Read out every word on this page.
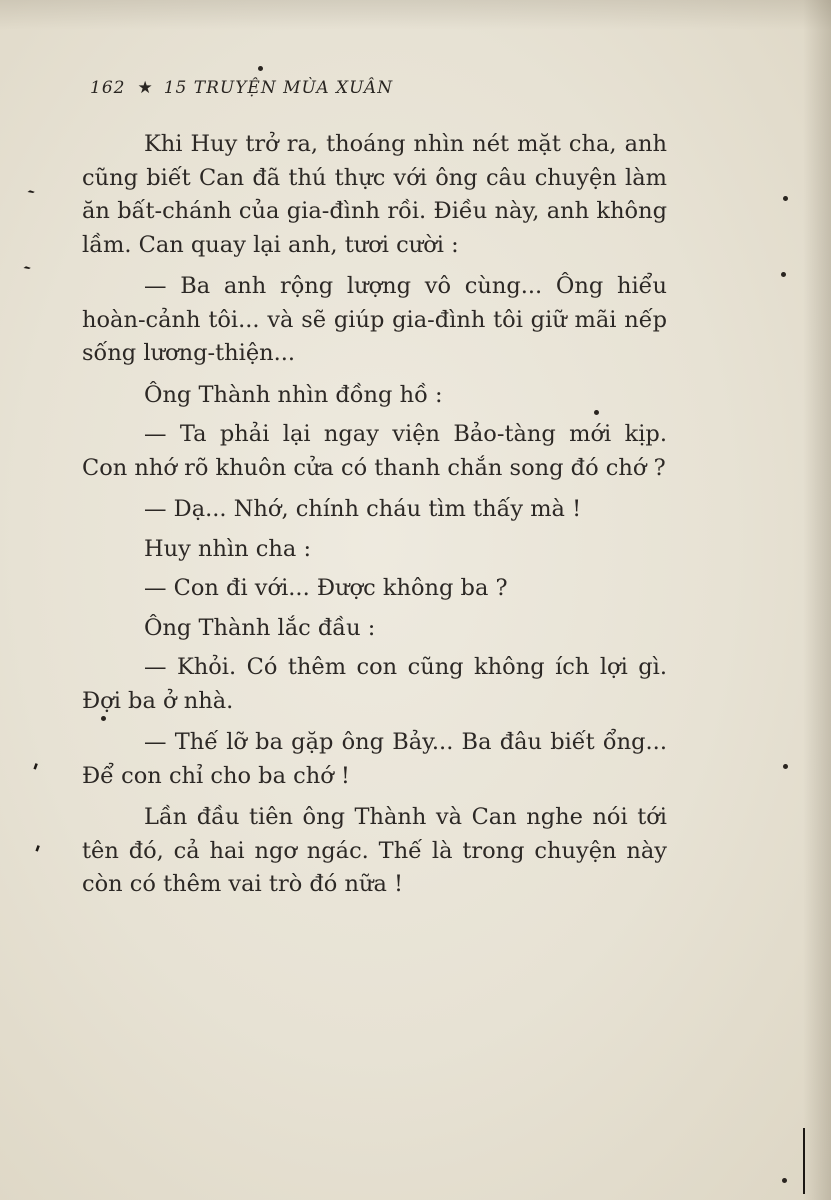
162 ★ 15 TRUYỆN MÙA XUÂN

Khi Huy trở ra, thoáng nhìn nét mặt cha, anh cũng biết Can đã thú thực với ông câu chuyện làm ăn bất-chánh của gia-đình rồi. Điều này, anh không lầm. Can quay lại anh, tươi cười :

— Ba anh rộng lượng vô cùng... Ông hiểu hoàn-cảnh tôi... và sẽ giúp gia-đình tôi giữ mãi nếp sống lương-thiện...

Ông Thành nhìn đồng hồ :

— Ta phải lại ngay viện Bảo-tàng mới kịp. Con nhớ rõ khuôn cửa có thanh chắn song đó chớ ?

— Dạ... Nhớ, chính cháu tìm thấy mà !

Huy nhìn cha :

— Con đi với... Được không ba ?

Ông Thành lắc đầu :

— Khỏi. Có thêm con cũng không ích lợi gì. Đợi ba ở nhà.

— Thế lỡ ba gặp ông Bảy... Ba đâu biết ổng... Để con chỉ cho ba chớ !

Lần đầu tiên ông Thành và Can nghe nói tới tên đó, cả hai ngơ ngác. Thế là trong chuyện này còn có thêm vai trò đó nữa !

`
`
'
'
